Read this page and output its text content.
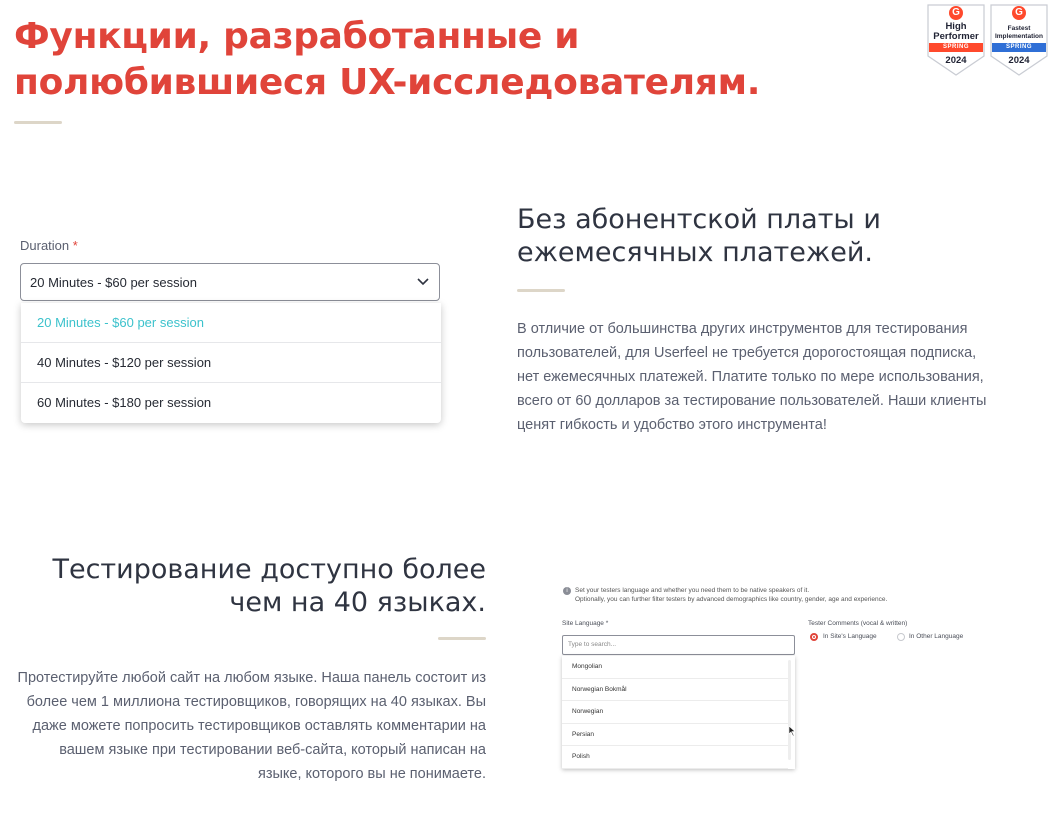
Функции, разработанные и полюбившиеся UX-исследователям.
G
High Performer
SPRING
2024
G
Fastest Implementation
SPRING
2024
Duration *
20 Minutes - $60 per session
20 Minutes - $60 per session
40 Minutes - $120 per session
60 Minutes - $180 per session
Без абонентской платы и ежемесячных платежей.

В отличие от большинства других инструментов для тестирования пользователей, для Userfeel не требуется дорогостоящая подписка, нет ежемесячных платежей. Платите только по мере использования, всего от 60 долларов за тестирование пользователей. Наши клиенты ценят гибкость и удобство этого инструмента!

Тестирование доступно более чем на 40 языках.

Протестируйте любой сайт на любом языке. Наша панель состоит из более чем 1 миллиона тестировщиков, говорящих на 40 языках. Вы даже можете попросить тестировщиков оставлять комментарии на вашем языке при тестировании веб-сайта, который написан на языке, которого вы не понимаете.

i	Set your testers language and whether you need them to be native speakers of it.
Optionally, you can further filter testers by advanced demographics like country, gender, age and experience.
Site Language *
Type to search...
Mongolian
Norwegian Bokmål
Norwegian
Persian
Polish
Tester Comments (vocal & written)
In Site's Language	In Other Language
